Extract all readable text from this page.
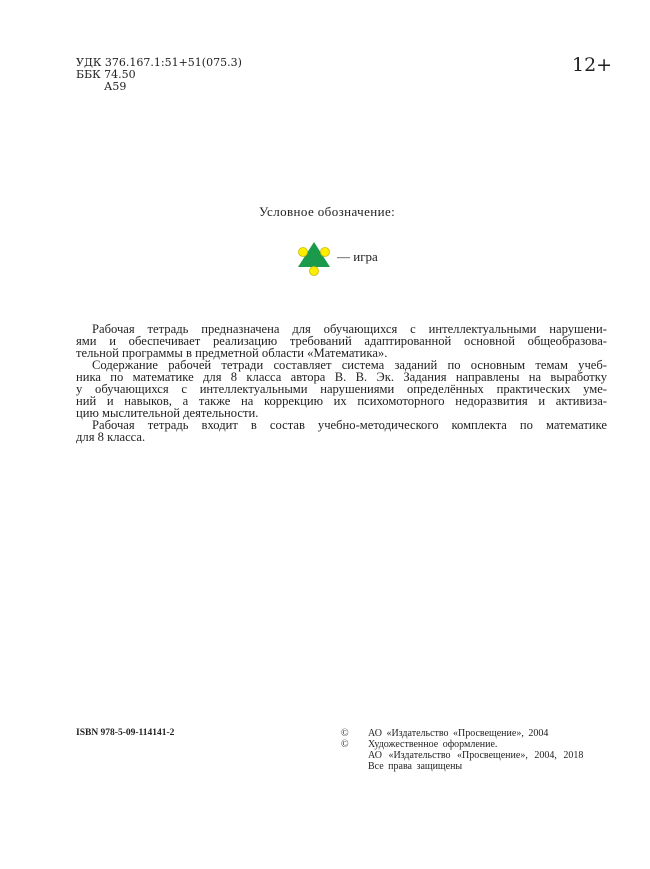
УДК 376.167.1:51+51(075.3)
ББК 74.50
А59
12+
Условное обозначение:
— игра
Рабочая тетрадь предназначена для обучающихся с интеллектуальными нарушени-
ями и обеспечивает реализацию требований адаптированной основной общеобразова-
тельной программы в предметной области «Математика».
Содержание рабочей тетради составляет система заданий по основным темам учеб-
ника по математике для 8 класса автора В. В. Эк. Задания направлены на выработку
у обучающихся с интеллектуальными нарушениями определённых практических уме-
ний и навыков, а также на коррекцию их психомоторного недоразвития и активиза-
цию мыслительной деятельности.
Рабочая тетрадь входит в состав учебно-методического комплекта по математике
для 8 класса.
ISBN 978-5-09-114141-2	©
©
АО «Издательство «Просвещение», 2004
Художественное оформление.
АО «Издательство «Просвещение», 2004, 2018
Все права защищены
